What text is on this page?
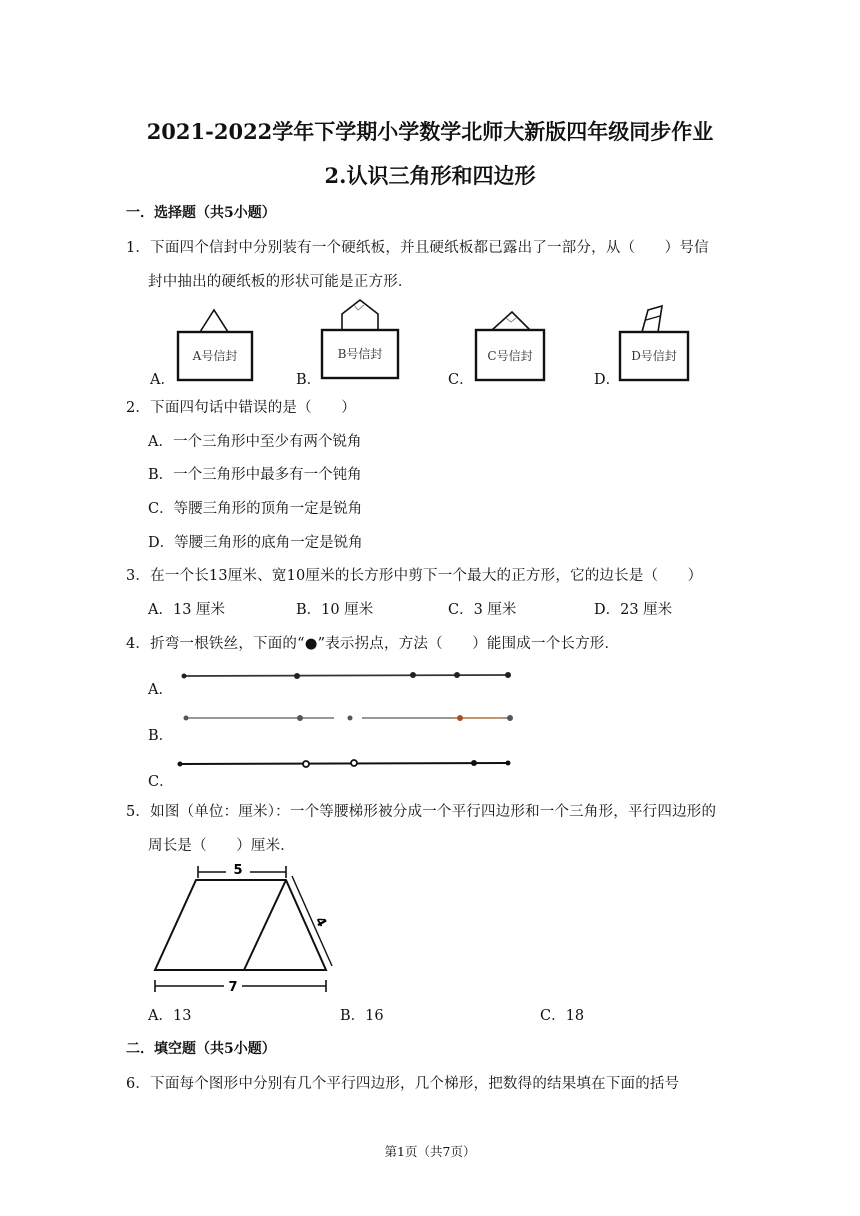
2021-2022学年下学期小学数学北师大新版四年级同步作业
2.认识三角形和四边形
一．选择题（共5小题）
1．下面四个信封中分别装有一个硬纸板，并且硬纸板都已露出了一部分，从（　　）号信
封中抽出的硬纸板的形状可能是正方形．
A．	B．	C．	D．
A号信封	B号信封	C号信封	D号信封
2．下面四句话中错误的是（　　）
A．一个三角形中至少有两个锐角
B．一个三角形中最多有一个钝角
C．等腰三角形的顶角一定是锐角
D．等腰三角形的底角一定是锐角
3．在一个长13厘米、宽10厘米的长方形中剪下一个最大的正方形，它的边长是（　　）
A．13 厘米	B．10 厘米	C．3 厘米	D．23 厘米
4．折弯一根铁丝，下面的“●”表示拐点，方法（　　）能围成一个长方形．
A．
B．
C．
5．如图（单位：厘米）：一个等腰梯形被分成一个平行四边形和一个三角形，平行四边形的
周长是（　　）厘米．
5
4
7
A．13	B．16	C．18
二．填空题（共5小题）
6．下面每个图形中分别有几个平行四边形，几个梯形，把数得的结果填在下面的括号
第1页（共7页）
